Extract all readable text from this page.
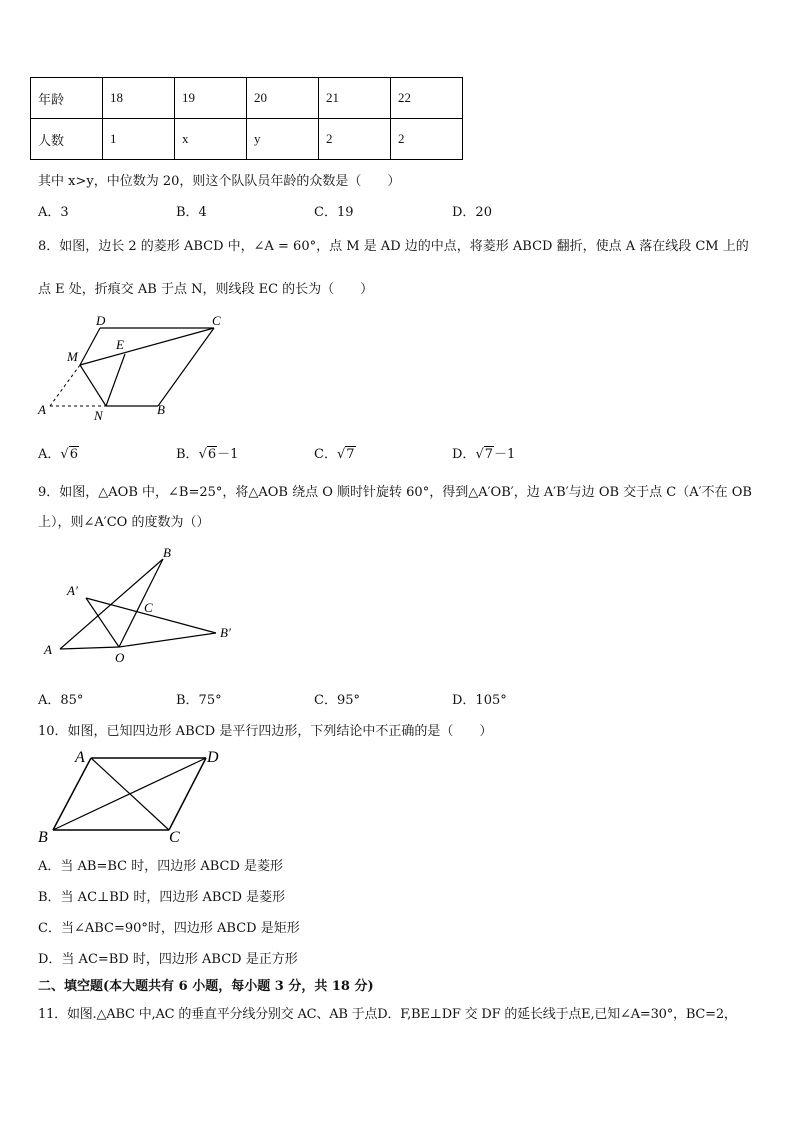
年龄	18	19	20	21	22
人数	1	x	y	2	2
其中 x>y，中位数为 20，则这个队队员年龄的众数是（　　）
A．3	B．4	C．19	D．20
8．如图，边长 2 的菱形 ABCD 中，∠A = 60°，点 M 是 AD 边的中点，将菱形 ABCD 翻折，使点 A 落在线段 CM 上的
点 E 处，折痕交 AB 于点 N，则线段 EC 的长为（　　）
D	C
M
E
A	N	B
A．√6	B．√6－1	C．√7	D．√7－1
9．如图，△AOB 中，∠B=25°，将△AOB 绕点 O 顺时针旋转 60°，得到△A′OB′，边 A′B′与边 OB 交于点 C（A′不在 OB
上），则∠A′CO 的度数为（）
B
A′
C
B′
A
O
A．85°	B．75°	C．95°	D．105°
10．如图，已知四边形 ABCD 是平行四边形，下列结论中不正确的是（　　）
A	D
B	C
A．当 AB=BC 时，四边形 ABCD 是菱形
B．当 AC⊥BD 时，四边形 ABCD 是菱形
C．当∠ABC=90°时，四边形 ABCD 是矩形
D．当 AC=BD 时，四边形 ABCD 是正方形
二、填空题(本大题共有 6 小题，每小题 3 分，共 18 分)
11．如图.△ABC 中,AC 的垂直平分线分别交 AC、AB 于点D．F,BE⊥DF 交 DF 的延长线于点E,已知∠A=30°，BC=2，
